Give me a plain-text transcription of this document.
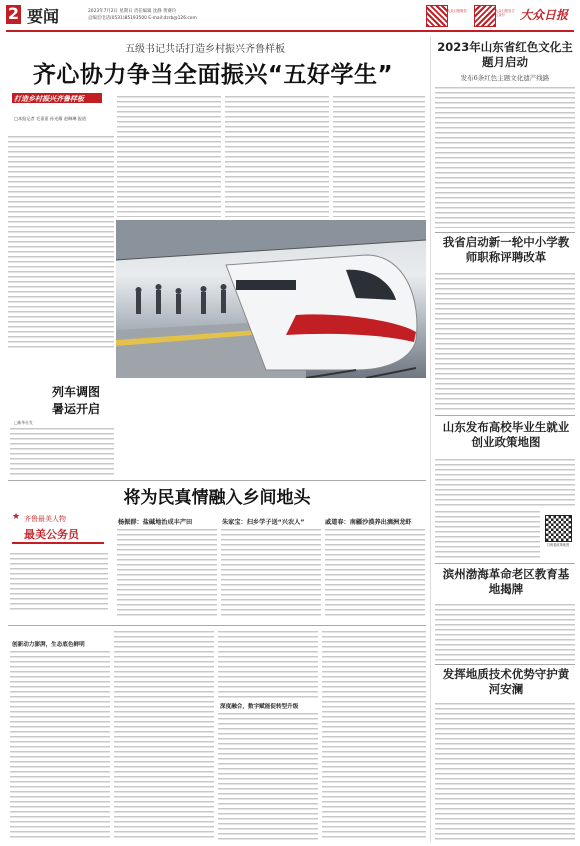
2 要闻	2023年7月2日 星期日 责任编辑 沈静 黄赛玲
总编室电话(0531)85193500 E-mail:dzrb@126.com
大众日报微信	大众日报官方公众号	大众日报
五级书记共话打造乡村振兴齐鲁样板
齐心协力争当全面振兴“五好学生”
打造乡村振兴齐鲁样板
□本报记者 毛嘉嘉 孙光耀 赵琳琳 报道
列车调图
暑运开启
□新华社发
2023年山东省红色文化主题月启动
发布6条红色主题文化遗产线路
我省启动新一轮中小学教师职称评聘改革
山东发布高校毕业生就业创业政策地图
扫码看政策地图
滨州渤海革命老区教育基地揭牌
发挥地质技术优势守护黄河安澜
将为民真情融入乡间地头
★ 齐鲁最美人物
最美公务员
杨振群：盐碱地治成丰产田	朱家宝：扫乡学子送“兴农人”	戚道春：南疆沙漠养出滴洲龙虾
创新动力澎湃，生态底色鲜明
深度融合，数字赋能促转型升级
